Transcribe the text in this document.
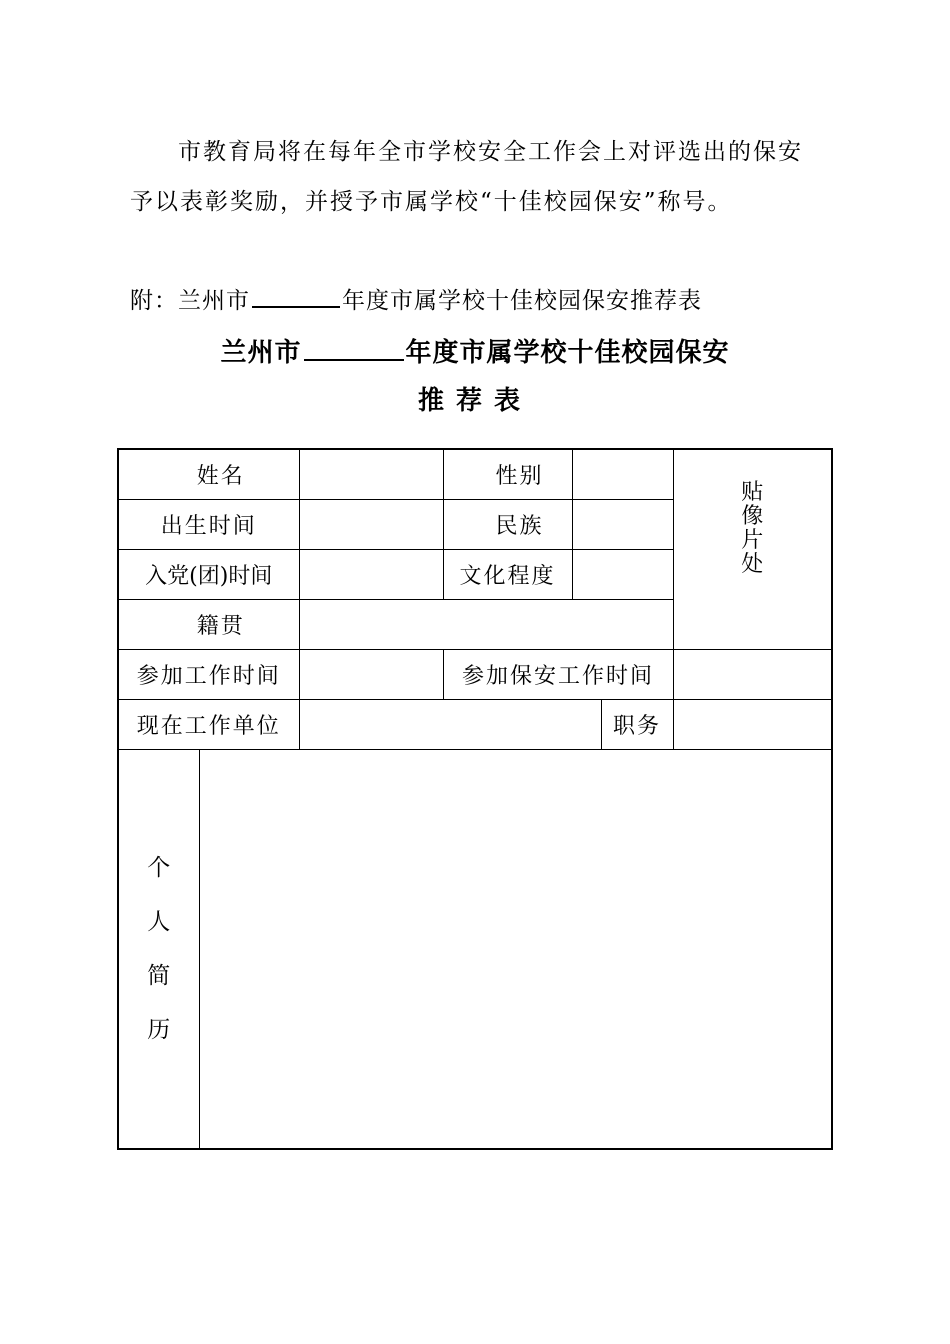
市教育局将在每年全市学校安全工作会上对评选出的保安
予以表彰奖励，并授予市属学校“十佳校园保安”称号。

附：兰州市	年度市属学校十佳校园保安推荐表
兰州市	年度市属学校十佳校园保安
推荐表
姓名			性别			贴像片处
出生时间			民族			
入党(团)时间			文化程度			
籍贯						
参加工作时间			参加保安工作时间			
现在工作单位					职务	
个人简历						
